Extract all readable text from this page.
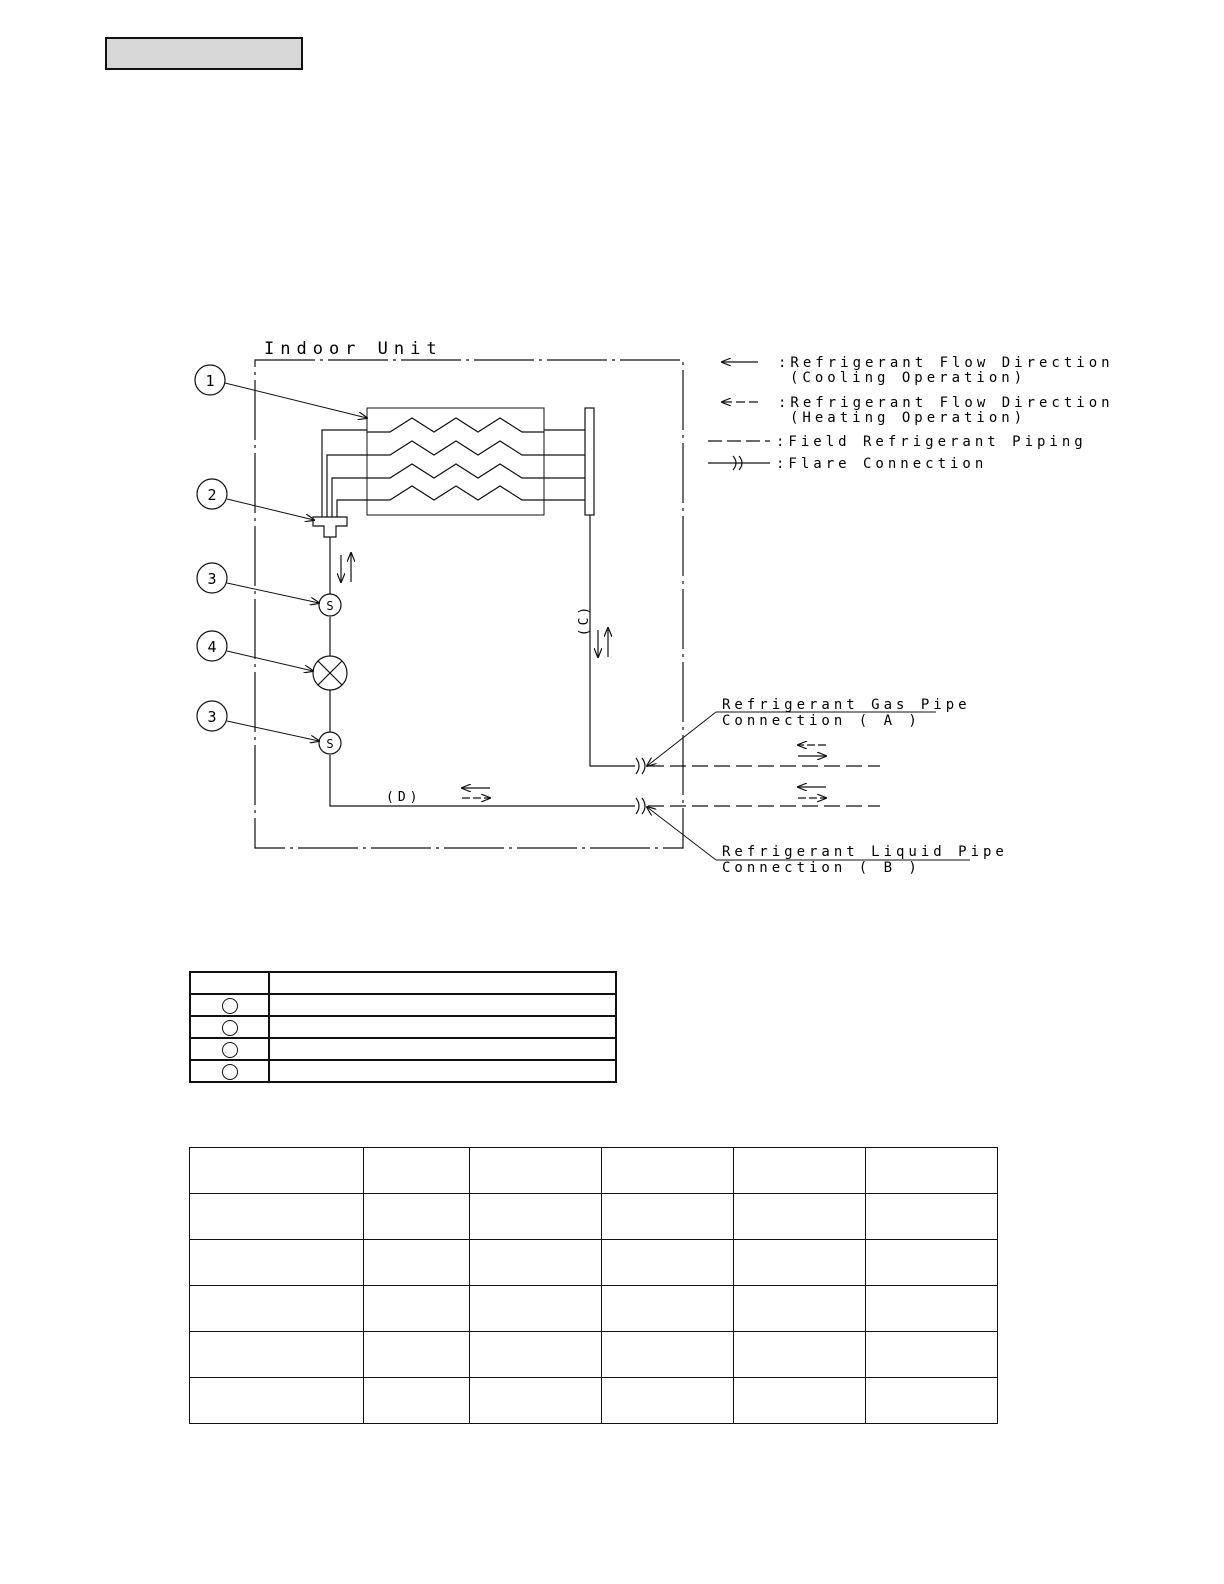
Indoor Unit
S
S
(C)
(D)
Refrigerant Gas Pipe
Connection ( A )
Refrigerant Liquid Pipe
Connection ( B )
1
2
3
4
3
:Refrigerant Flow Direction
(Cooling Operation)
:Refrigerant Flow Direction
(Heating Operation)
:Field Refrigerant Piping
:Flare Connection
